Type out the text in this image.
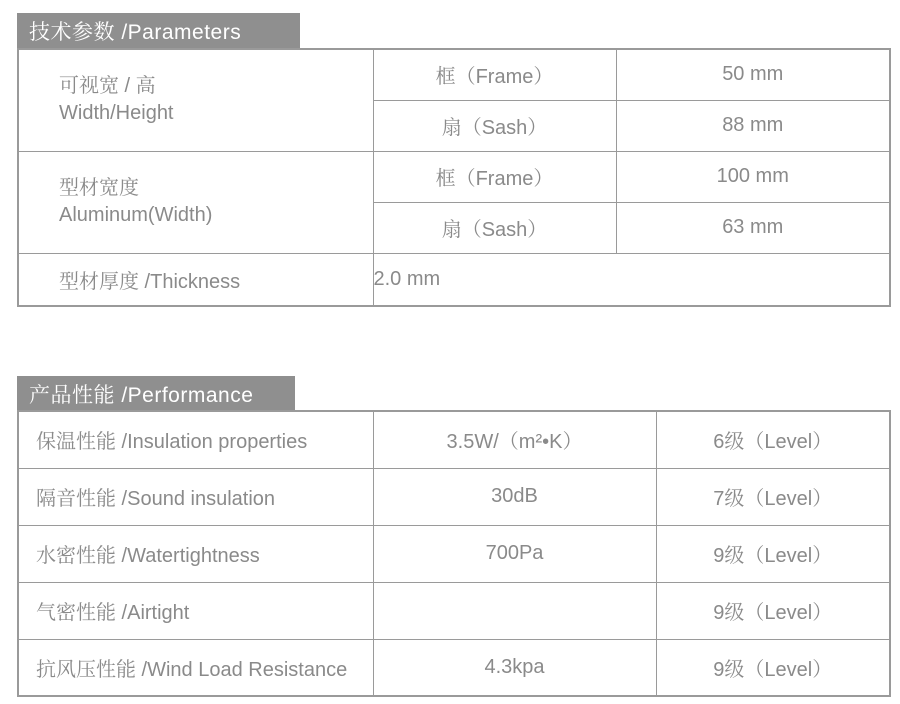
技术参数 /Parameters
可视宽 / 高
Width/Height	框（Frame）	50 mm
	扇（Sash）	88 mm

型材宽度
Aluminum(Width)	框（Frame）	100 mm
	扇（Sash）	63 mm
型材厚度 /Thickness	2.0 mm	
产品性能 /Performance
保温性能 /Insulation properties	3.5W/（m²•K）	6级（Level）
隔音性能 /Sound insulation	30dB	7级（Level）
水密性能 /Watertightness	700Pa	9级（Level）
气密性能 /Airtight		9级（Level）
抗风压性能 /Wind Load Resistance	4.3kpa	9级（Level）
